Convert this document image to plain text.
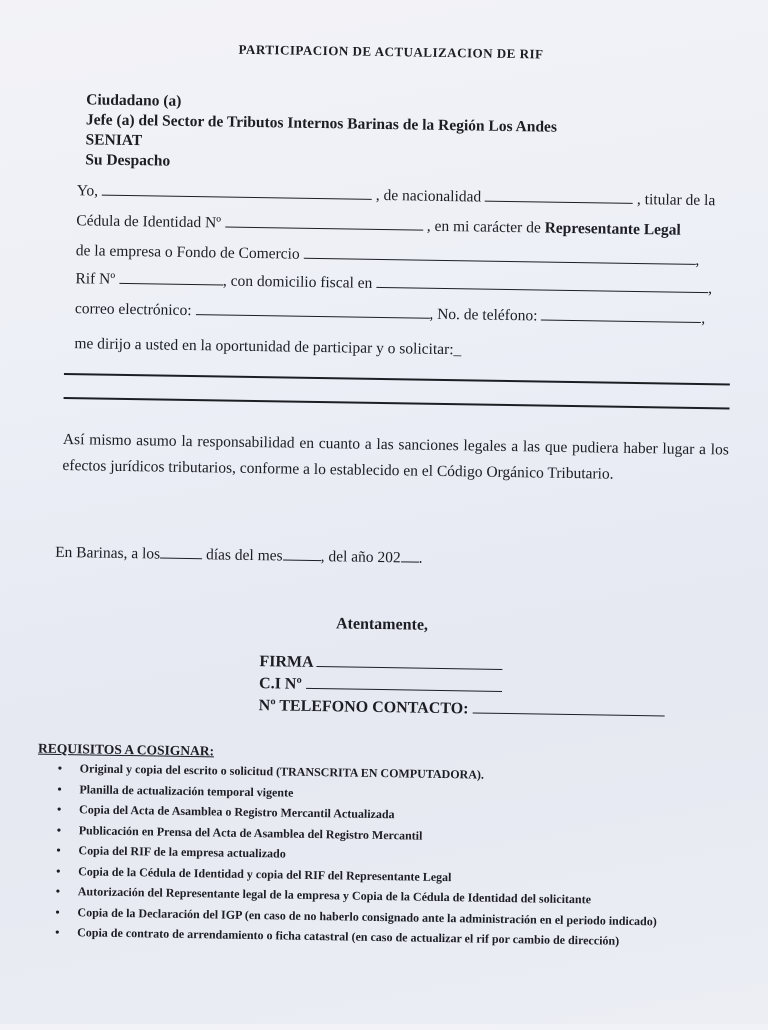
PARTICIPACION DE ACTUALIZACION DE RIF
Ciudadano (a)
Jefe (a) del Sector de Tributos Internos Barinas de la Región Los Andes
SENIAT
Su Despacho
Yo,	, de nacionalidad	, titular de la
Cédula de Identidad Nº	, en mi carácter de Representante Legal
de la empresa o Fondo de Comercio	,
Rif Nº	, con domicilio fiscal en	,
correo electrónico:	, No. de teléfono:	,
me dirijo a usted en la oportunidad de participar y o solicitar:_
Así mismo asumo la responsabilidad en cuanto a las sanciones legales a las que pudiera haber lugar a los efectos jurídicos tributarios, conforme a lo establecido en el Código Orgánico Tributario.
En Barinas, a los	días del mes , del año 202 .
Atentamente,
FIRMA
C.I Nº
Nº TELEFONO CONTACTO:
REQUISITOS A COSIGNAR:
• Original y copia del escrito o solicitud (TRANSCRITA EN COMPUTADORA).
• Planilla de actualización temporal vigente
• Copia del Acta de Asamblea o Registro Mercantil Actualizada
• Publicación en Prensa del Acta de Asamblea del Registro Mercantil
• Copia del RIF de la empresa actualizado
• Copia de la Cédula de Identidad y copia del RIF del Representante Legal
• Autorización del Representante legal de la empresa y Copia de la Cédula de Identidad del solicitante
• Copia de la Declaración del IGP (en caso de no haberlo consignado ante la administración en el periodo indicado)
• Copia de contrato de arrendamiento o ficha catastral (en caso de actualizar el rif por cambio de dirección)
